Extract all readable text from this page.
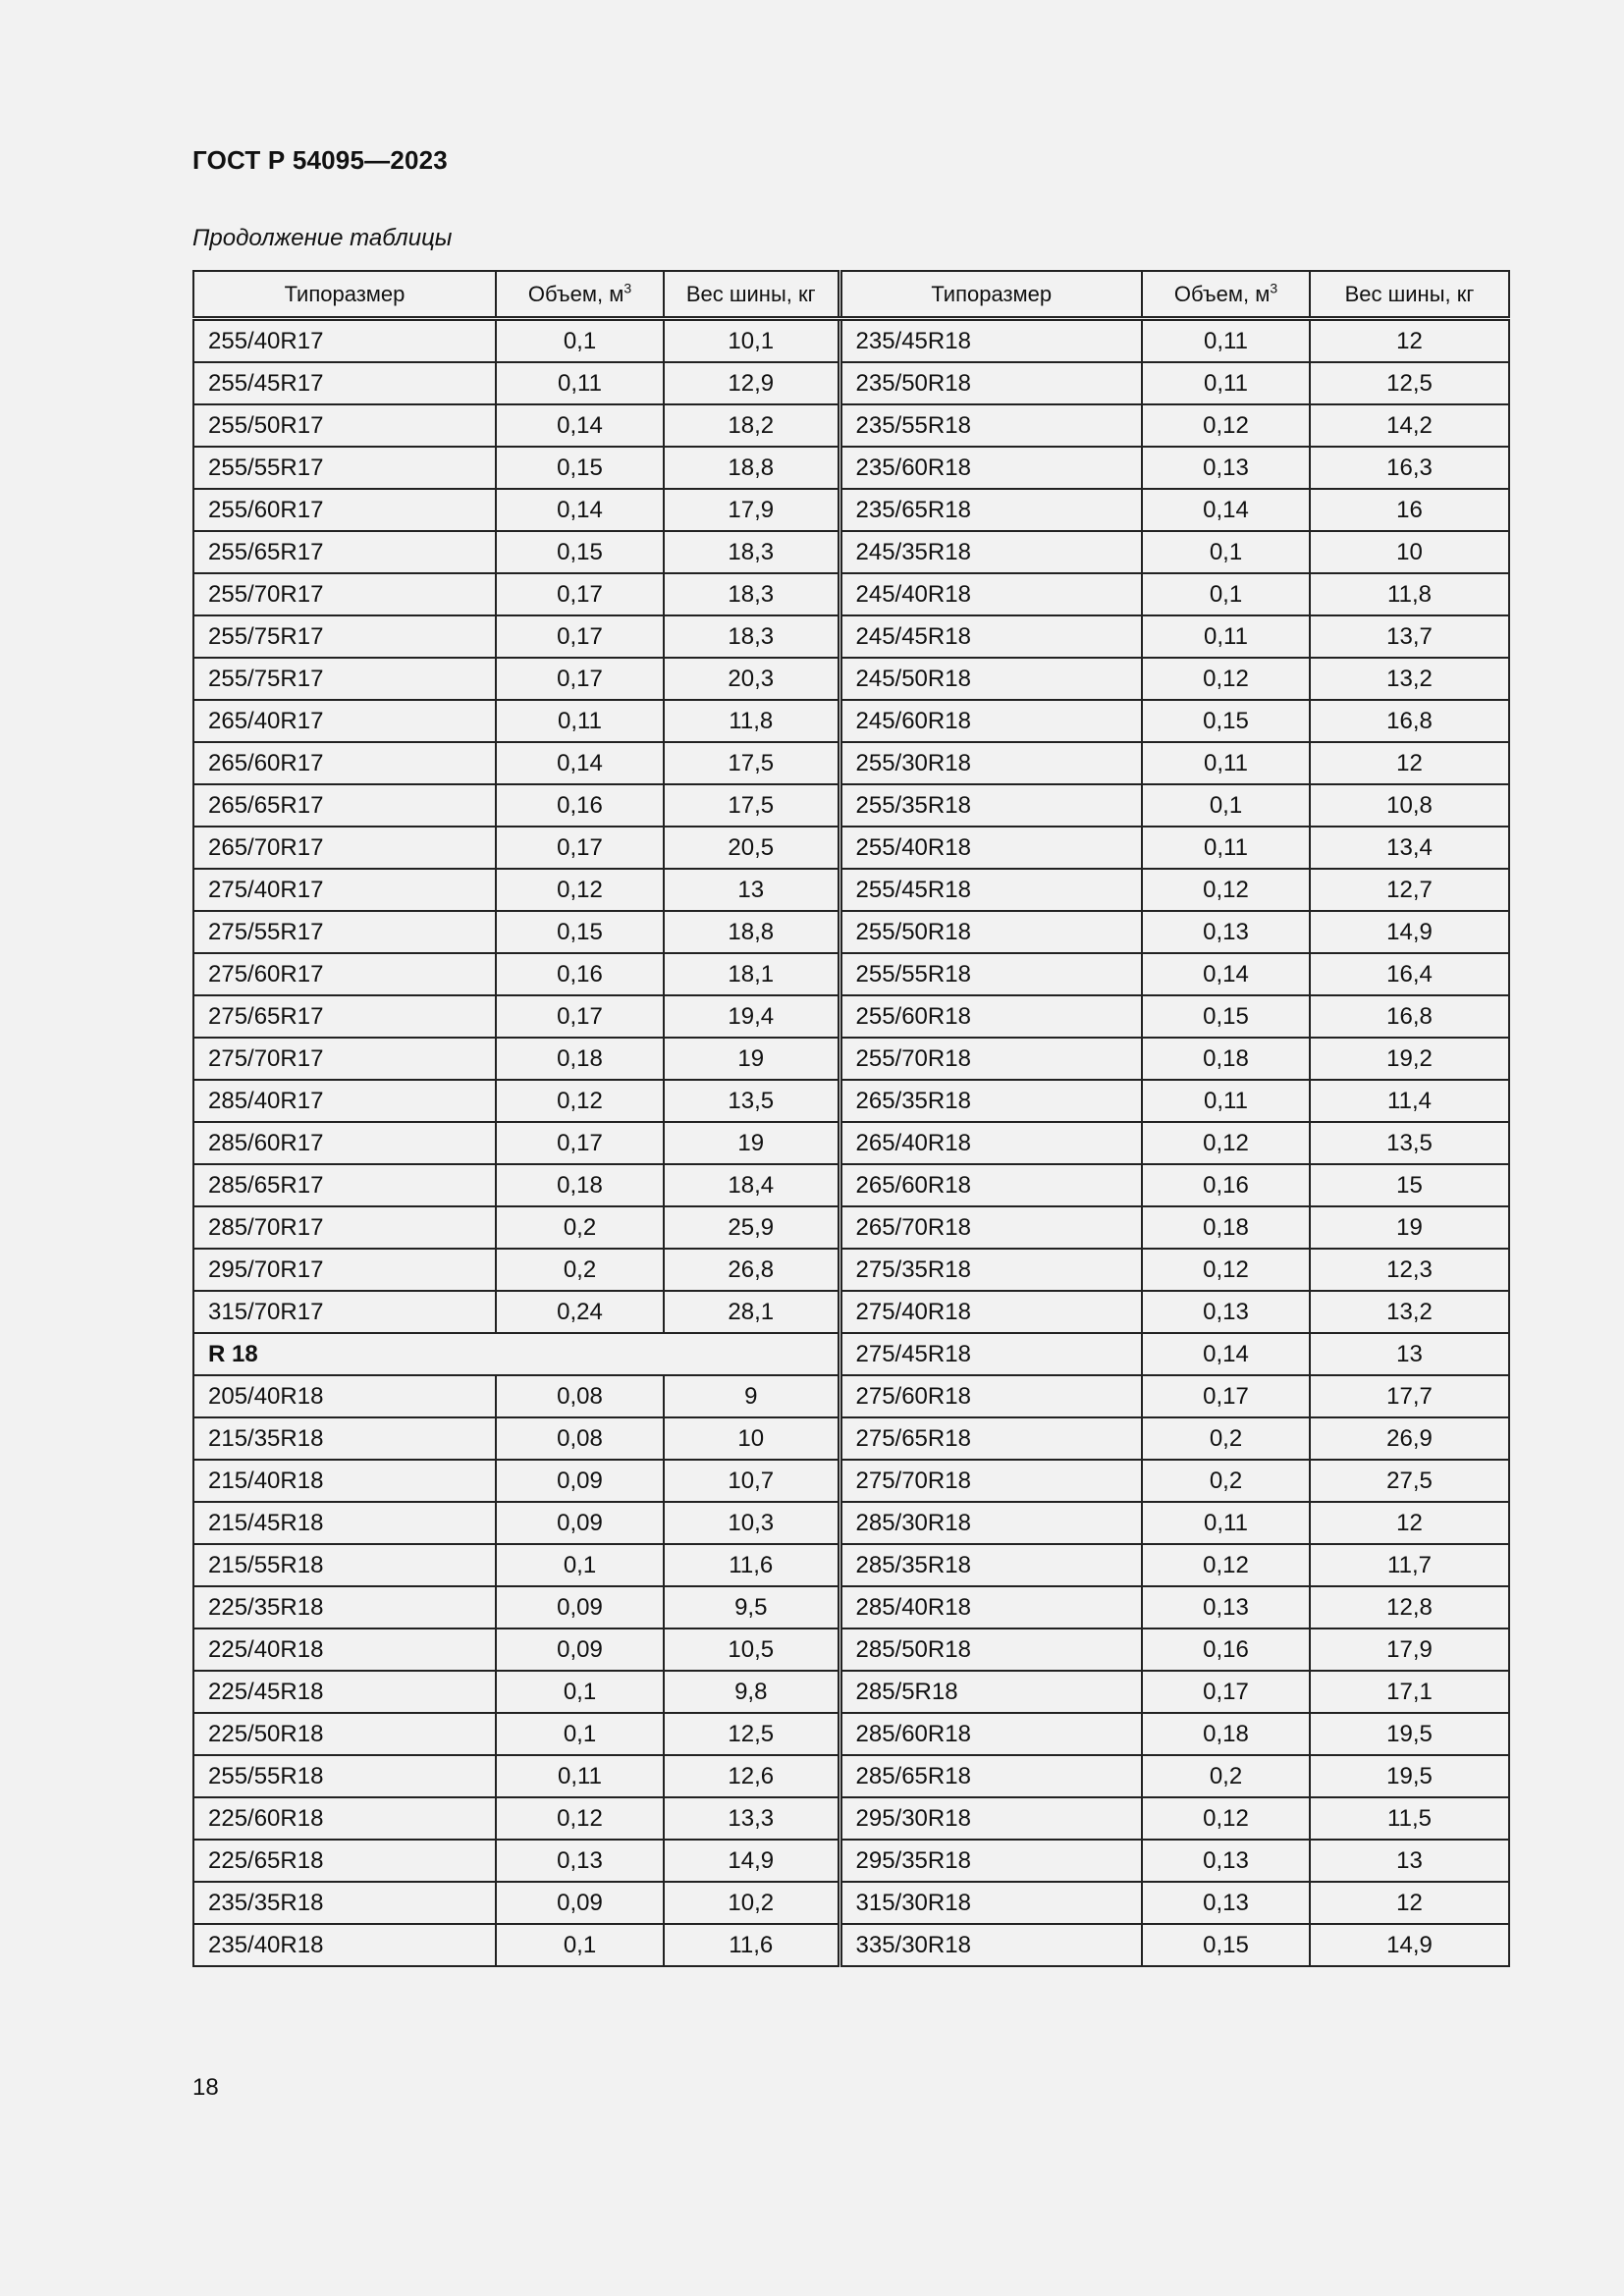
ГОСТ Р 54095—2023
Продолжение таблицы
Типоразмер	Объем, $м^3$	Вес шины, кг	Типоразмер	Объем, $м^3$	Вес шины, кг
255/40R17	0,1	10,1	235/45R18	0,11	12
255/45R17	0,11	12,9	235/50R18	0,11	12,5
255/50R17	0,14	18,2	235/55R18	0,12	14,2
255/55R17	0,15	18,8	235/60R18	0,13	16,3
255/60R17	0,14	17,9	235/65R18	0,14	16
255/65R17	0,15	18,3	245/35R18	0,1	10
255/70R17	0,17	18,3	245/40R18	0,1	11,8
255/75R17	0,17	18,3	245/45R18	0,11	13,7
255/75R17	0,17	20,3	245/50R18	0,12	13,2
265/40R17	0,11	11,8	245/60R18	0,15	16,8
265/60R17	0,14	17,5	255/30R18	0,11	12
265/65R17	0,16	17,5	255/35R18	0,1	10,8
265/70R17	0,17	20,5	255/40R18	0,11	13,4
275/40R17	0,12	13	255/45R18	0,12	12,7
275/55R17	0,15	18,8	255/50R18	0,13	14,9
275/60R17	0,16	18,1	255/55R18	0,14	16,4
275/65R17	0,17	19,4	255/60R18	0,15	16,8
275/70R17	0,18	19	255/70R18	0,18	19,2
285/40R17	0,12	13,5	265/35R18	0,11	11,4
285/60R17	0,17	19	265/40R18	0,12	13,5
285/65R17	0,18	18,4	265/60R18	0,16	15
285/70R17	0,2	25,9	265/70R18	0,18	19
295/70R17	0,2	26,8	275/35R18	0,12	12,3
315/70R17	0,24	28,1	275/40R18	0,13	13,2
R 18			275/45R18	0,14	13
205/40R18	0,08	9	275/60R18	0,17	17,7
215/35R18	0,08	10	275/65R18	0,2	26,9
215/40R18	0,09	10,7	275/70R18	0,2	27,5
215/45R18	0,09	10,3	285/30R18	0,11	12
215/55R18	0,1	11,6	285/35R18	0,12	11,7
225/35R18	0,09	9,5	285/40R18	0,13	12,8
225/40R18	0,09	10,5	285/50R18	0,16	17,9
225/45R18	0,1	9,8	285/5R18	0,17	17,1
225/50R18	0,1	12,5	285/60R18	0,18	19,5
255/55R18	0,11	12,6	285/65R18	0,2	19,5
225/60R18	0,12	13,3	295/30R18	0,12	11,5
225/65R18	0,13	14,9	295/35R18	0,13	13
235/35R18	0,09	10,2	315/30R18	0,13	12
235/40R18	0,1	11,6	335/30R18	0,15	14,9
18
